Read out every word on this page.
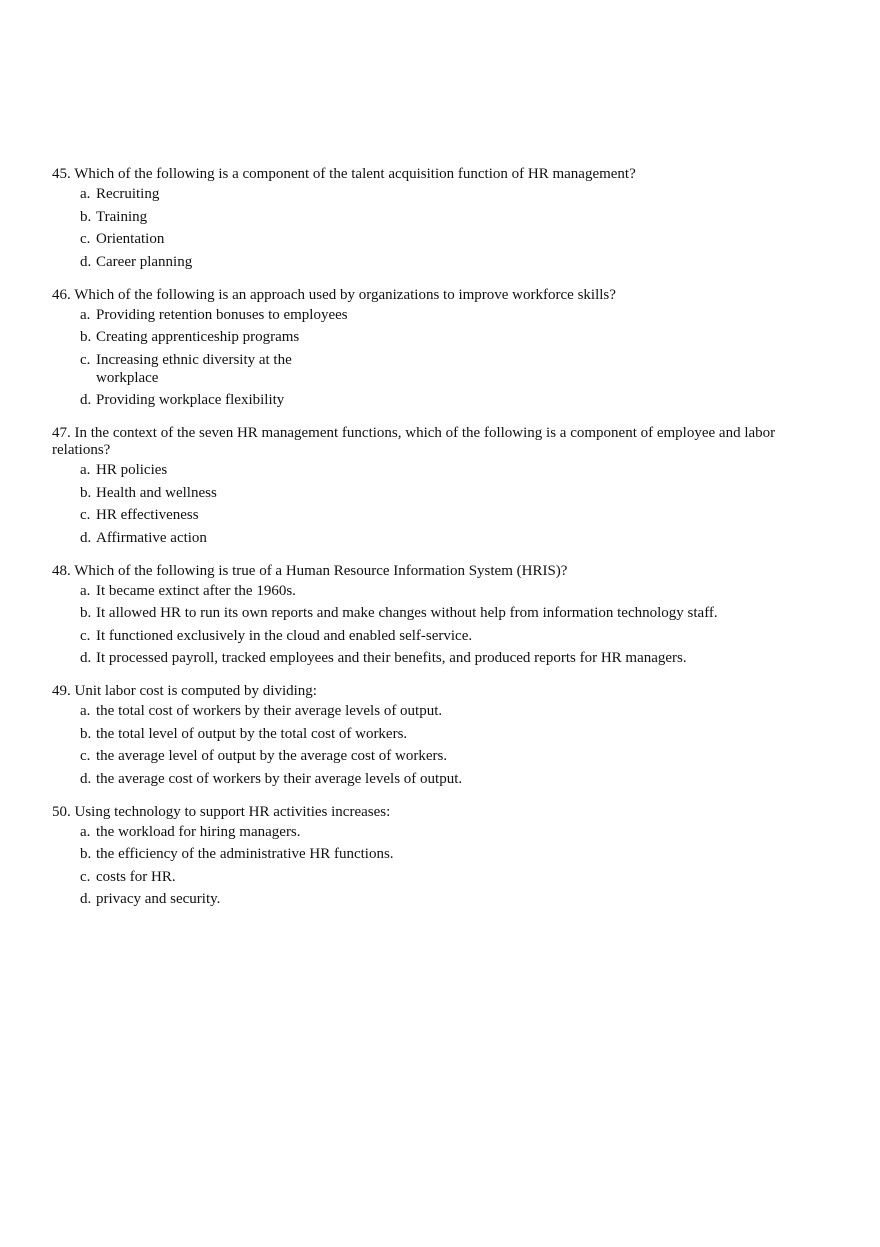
45. Which of the following is a component of the talent acquisition function of HR management?
a. Recruiting
b. Training
c. Orientation
d. Career planning
46. Which of the following is an approach used by organizations to improve workforce skills?
a. Providing retention bonuses to employees
b. Creating apprenticeship programs
c. Increasing ethnic diversity at the workplace
d. Providing workplace flexibility
47. In the context of the seven HR management functions, which of the following is a component of employee and labor relations?
a. HR policies
b. Health and wellness
c. HR effectiveness
d. Affirmative action
48. Which of the following is true of a Human Resource Information System (HRIS)?
a. It became extinct after the 1960s.
b. It allowed HR to run its own reports and make changes without help from information technology staff.
c. It functioned exclusively in the cloud and enabled self-service.
d. It processed payroll, tracked employees and their benefits, and produced reports for HR managers.
49. Unit labor cost is computed by dividing:
a. the total cost of workers by their average levels of output.
b. the total level of output by the total cost of workers.
c. the average level of output by the average cost of workers.
d. the average cost of workers by their average levels of output.
50. Using technology to support HR activities increases:
a. the workload for hiring managers.
b. the efficiency of the administrative HR functions.
c. costs for HR.
d. privacy and security.
